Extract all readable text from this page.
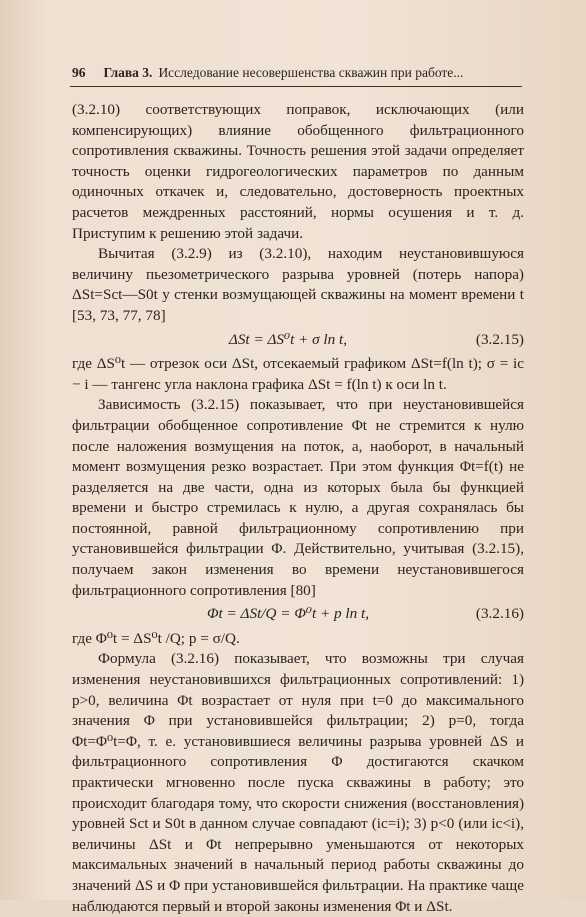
96 Глава 3. Исследование несовершенства скважин при работе...

(3.2.10) соответствующих поправок, исключающих (или компенсирующих) влияние обобщенного фильтрационного сопротивления скважины. Точность решения этой задачи определяет точность оценки гидрогеологических параметров по данным одиночных откачек и, следовательно, достоверность проектных расчетов междренных расстояний, нормы осушения и т. д. Приступим к решению этой задачи.

Вычитая (3.2.9) из (3.2.10), находим неустановившуюся величину пьезометрического разрыва уровней (потерь напора) ΔSt=Sct—S0t у стенки возмущающей скважины на момент времени t [53, 73, 77, 78]

ΔSt = ΔS⁰t + σ ln t,	(3.2.15)

где ΔS⁰t — отрезок оси ΔSt, отсекаемый графиком ΔSt=f(ln t); σ = ic − i — тангенс угла наклона графика ΔSt = f(ln t) к оси ln t.

Зависимость (3.2.15) показывает, что при неустановившейся фильтрации обобщенное сопротивление Φt не стремится к нулю после наложения возмущения на поток, а, наоборот, в начальный момент возмущения резко возрастает. При этом функция Φt=f(t) не разделяется на две части, одна из которых была бы функцией времени и быстро стремилась к нулю, а другая сохранялась бы постоянной, равной фильтрационному сопротивлению при установившейся фильтрации Φ. Действительно, учитывая (3.2.15), получаем закон изменения во времени неустановившегося фильтрационного сопротивления [80]

Φt = ΔSt/Q = Φ⁰t + p ln t,	(3.2.16)

где Φ⁰t = ΔS⁰t /Q; p = σ/Q.

Формула (3.2.16) показывает, что возможны три случая изменения неустановившихся фильтрационных сопротивлений: 1) p>0, величина Φt возрастает от нуля при t=0 до максимального значения Φ при установившейся фильтрации; 2) p=0, тогда Φt=Φ⁰t=Φ, т. е. установившиеся величины разрыва уровней ΔS и фильтрационного сопротивления Φ достигаются скачком практически мгновенно после пуска скважины в работу; это происходит благодаря тому, что скорости снижения (восстановления) уровней Sct и S0t в данном случае совпадают (ic=i); 3) p<0 (или ic<i), величины ΔSt и Φt непрерывно уменьшаются от некоторых максимальных значений в начальный период работы скважины до значений ΔS и Φ при установившейся фильтрации. На практике чаще наблюдаются первый и второй законы изменения Φt и ΔSt.
